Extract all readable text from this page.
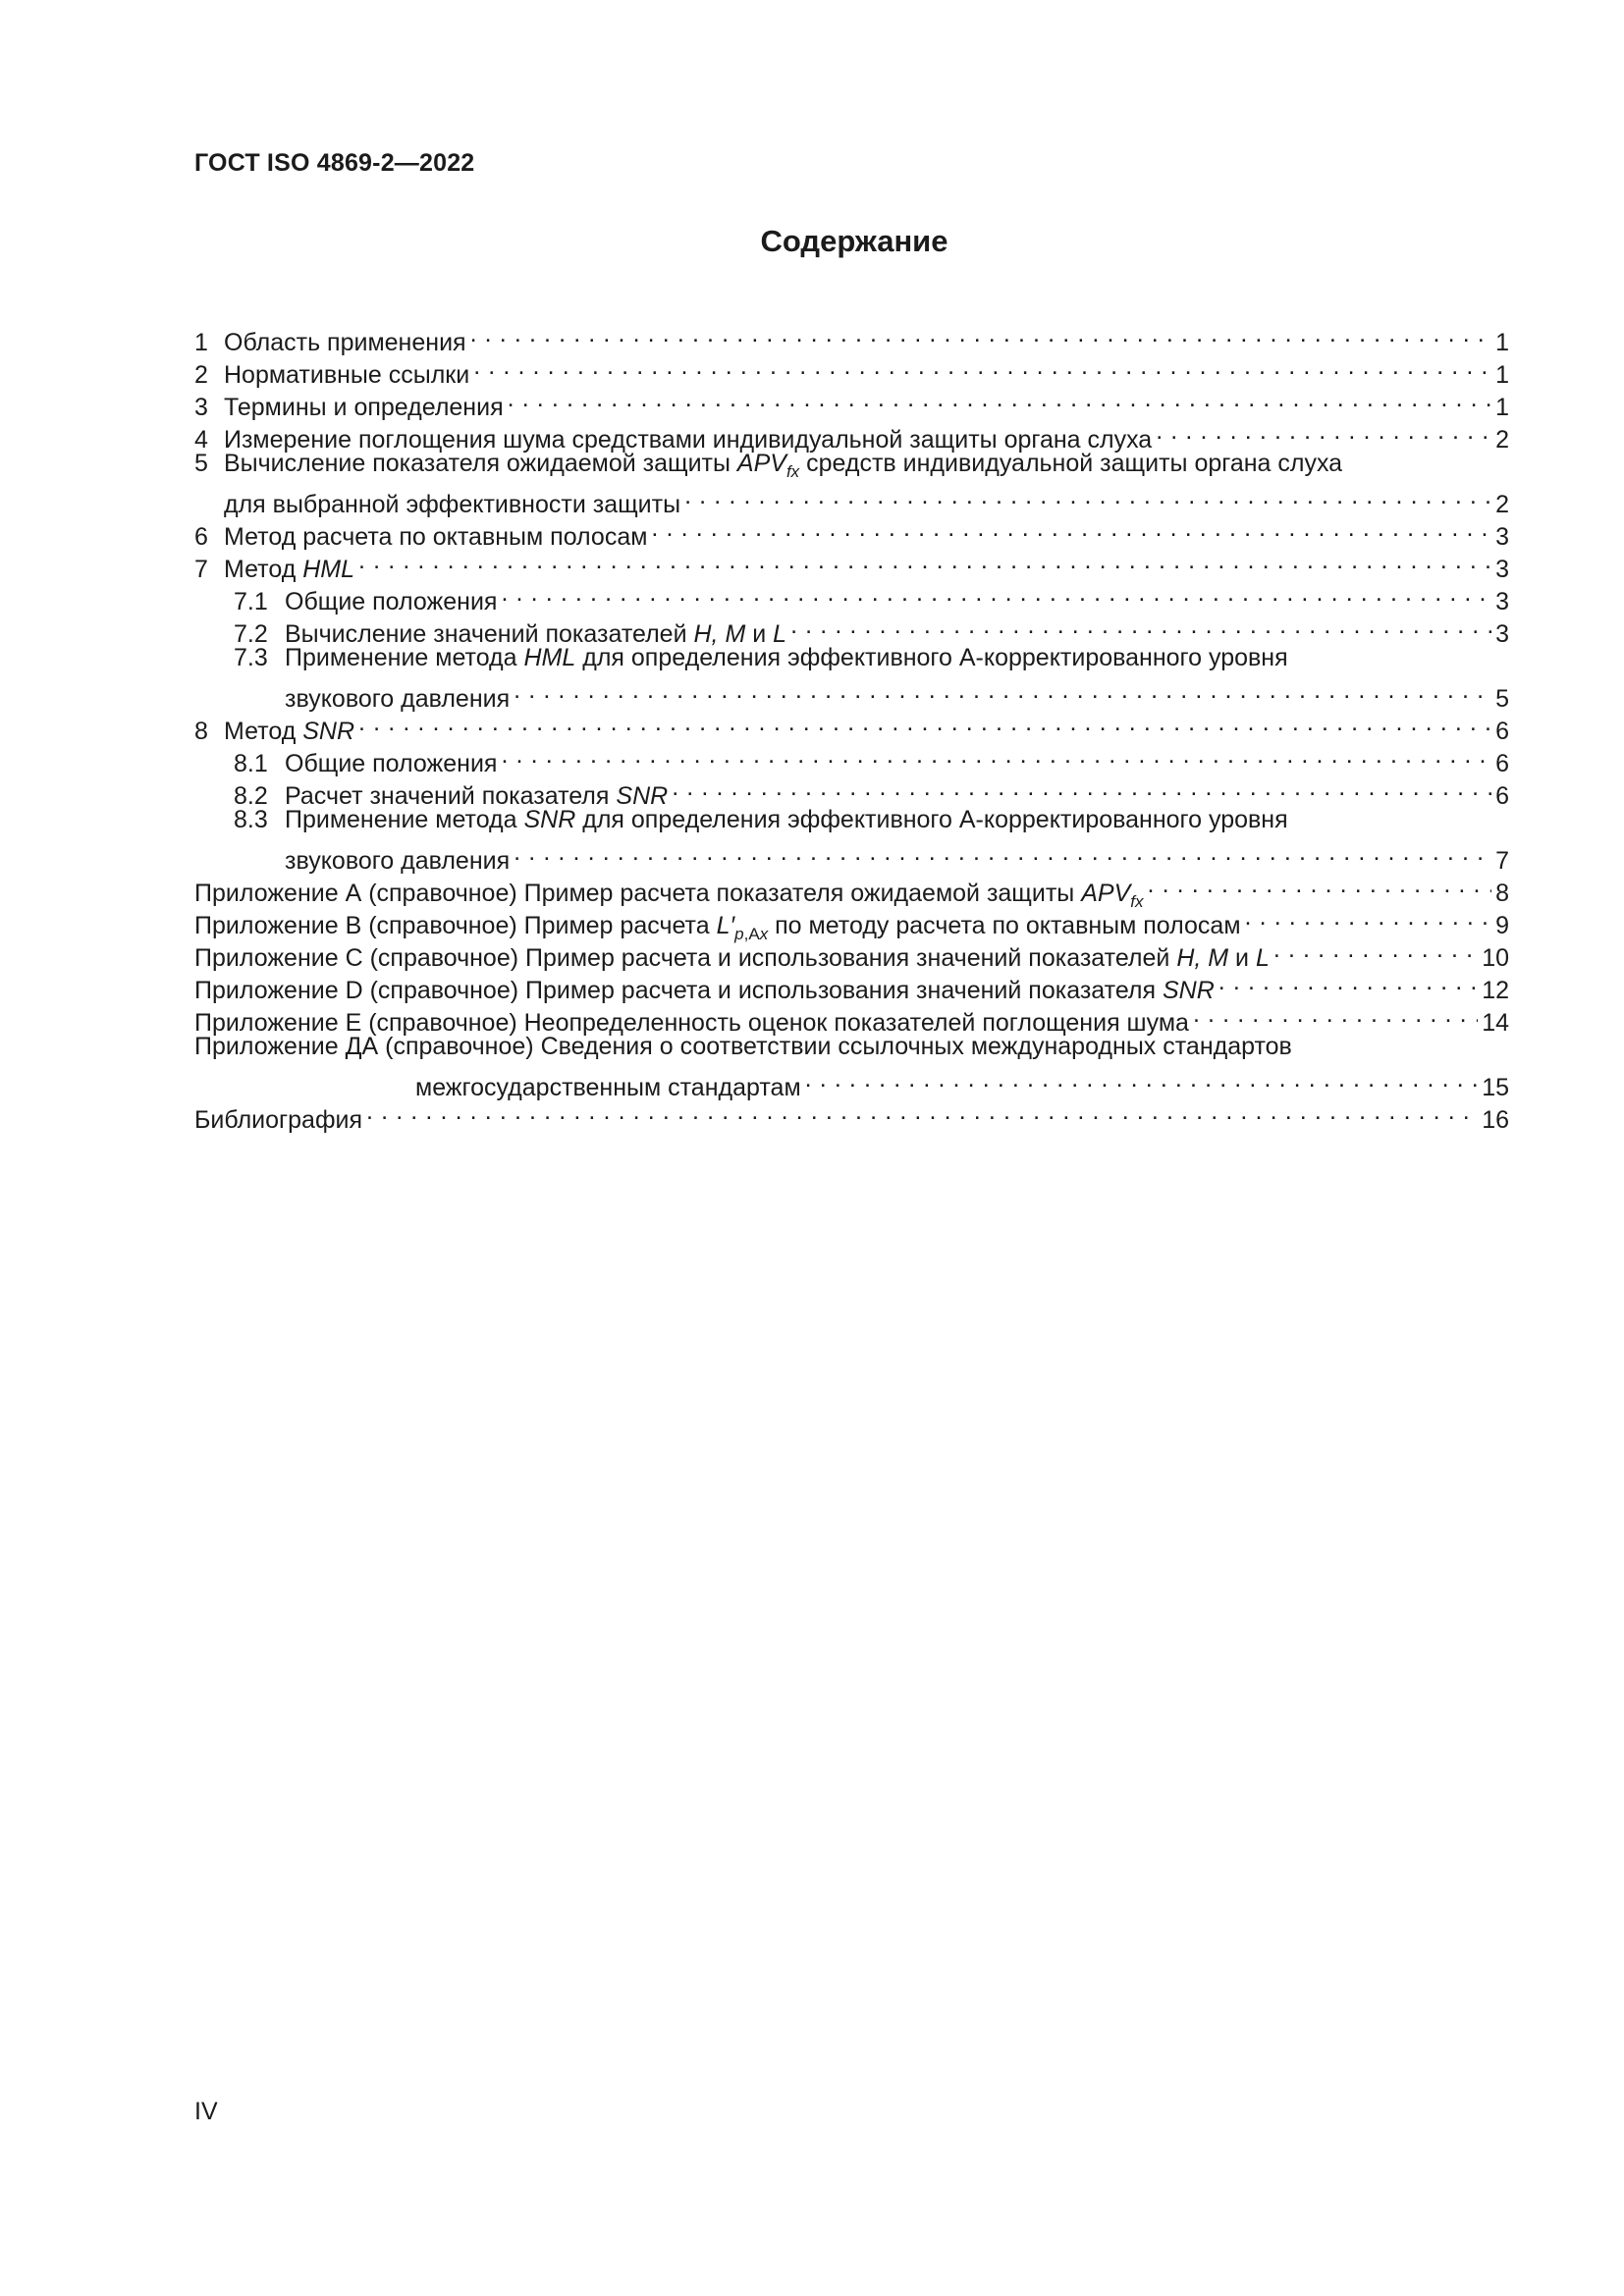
ГОСТ ISO 4869-2—2022
Содержание
1 Область применения . . .	1
2 Нормативные ссылки . . .	1
3 Термины и определения . . .	1
4 Измерение поглощения шума средствами индивидуальной защиты органа слуха . . .	2
5 Вычисление показателя ожидаемой защиты $APV_{fx}$ средств индивидуальной защиты органа слуха
для выбранной эффективности защиты . . .	2
6 Метод расчета по октавным полосам . . .	3
7 Метод HML . . .	3
7.1 Общие положения . . .	3
7.2 Вычисление значений показателей H, M и L . . .	3
7.3 Применение метода HML для определения эффективного А-корректированного уровня
звукового давления . . .	5
8 Метод SNR . . .	6
8.1 Общие положения . . .	6
8.2 Расчет значений показателя SNR . . .	6
8.3 Применение метода SNR для определения эффективного А-корректированного уровня
звукового давления . . .	7
Приложение А (справочное) Пример расчета показателя ожидаемой защиты $APV_{fx}$ . . .	8
Приложение В (справочное) Пример расчета $L'_{p,Ax}$ по методу расчета по октавным полосам . . .	9
Приложение С (справочное) Пример расчета и использования значений показателей H, M и L . . .	10
Приложение D (справочное) Пример расчета и использования значений показателя SNR . . .	12
Приложение Е (справочное) Неопределенность оценок показателей поглощения шума . . .	14
Приложение ДА (справочное) Сведения о соответствии ссылочных международных стандартов
межгосударственным стандартам . . .	15
Библиография . . .	16
IV
